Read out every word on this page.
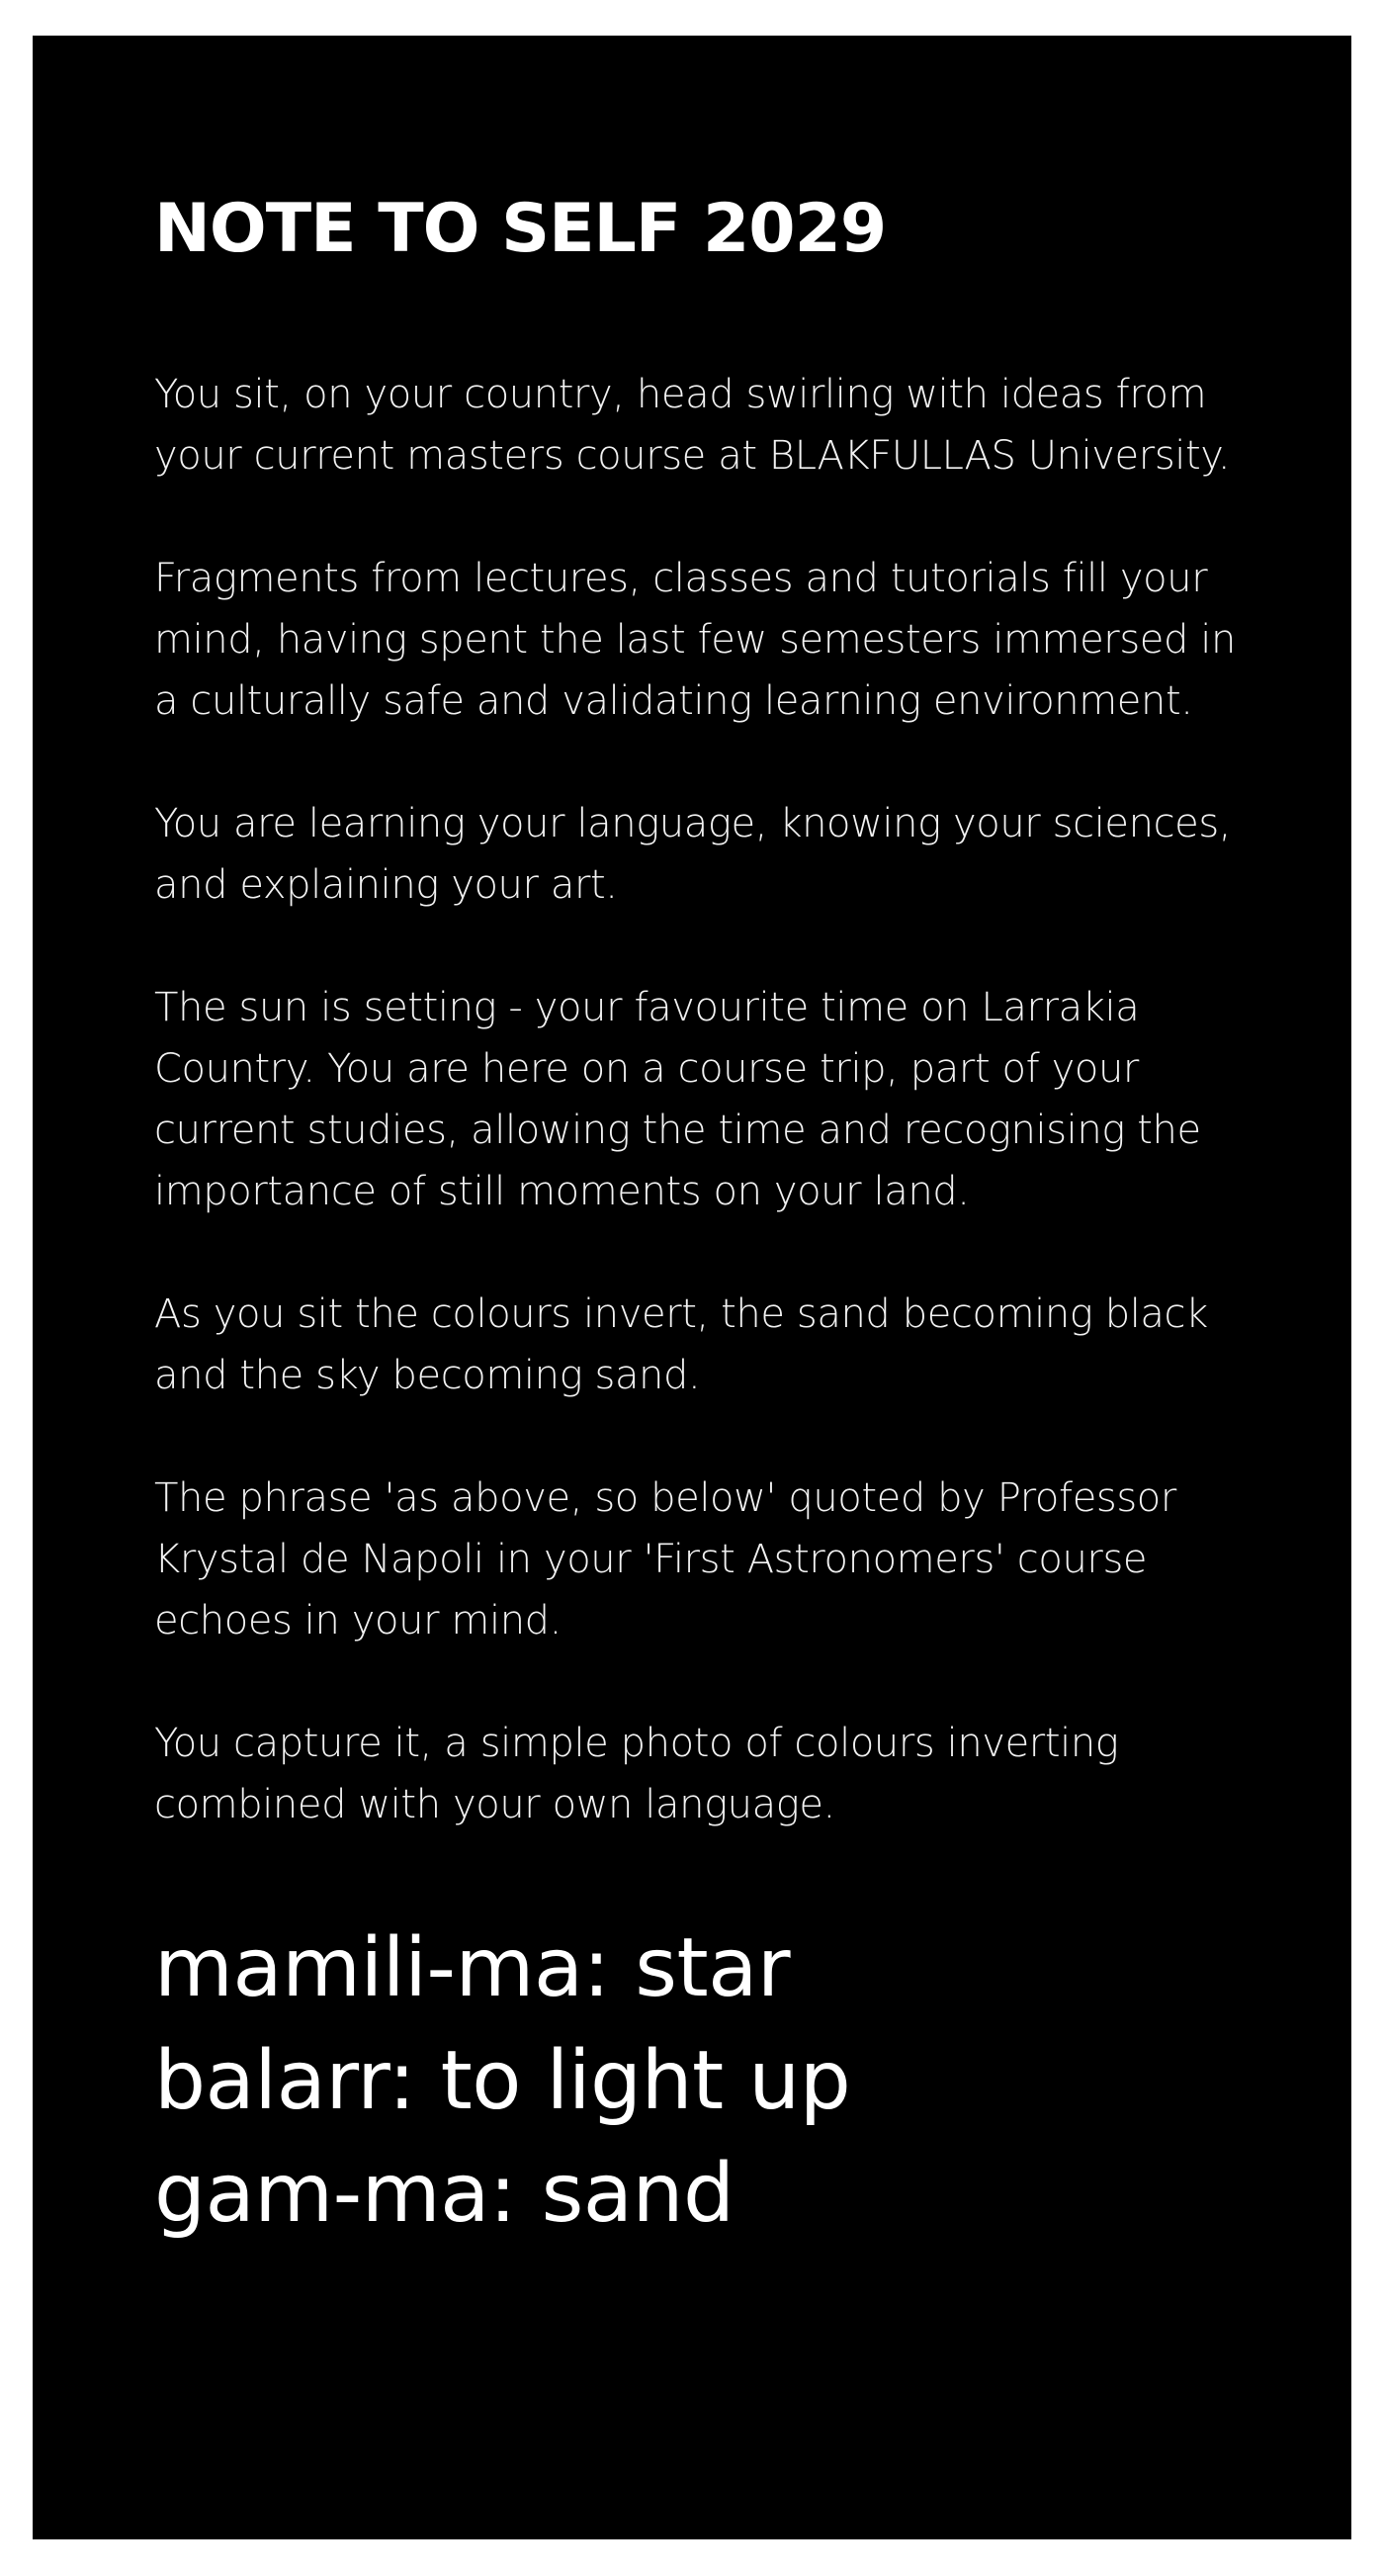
NOTE TO SELF 2029

You sit, on your country, head swirling with ideas from your current masters course at BLAKFULLAS University.

Fragments from lectures, classes and tutorials fill your mind, having spent the last few semesters immersed in a culturally safe and validating learning environment.

You are learning your language, knowing your sciences, and explaining your art.

The sun is setting - your favourite time on Larrakia Country. You are here on a course trip, part of your current studies, allowing the time and recognising the importance of still moments on your land.

As you sit the colours invert, the sand becoming black and the sky becoming sand.

The phrase 'as above, so below' quoted by Professor Krystal de Napoli in your 'First Astronomers' course echoes in your mind.

You capture it, a simple photo of colours inverting combined with your own language.

mamili-ma: star
balarr: to light up
gam-ma: sand
